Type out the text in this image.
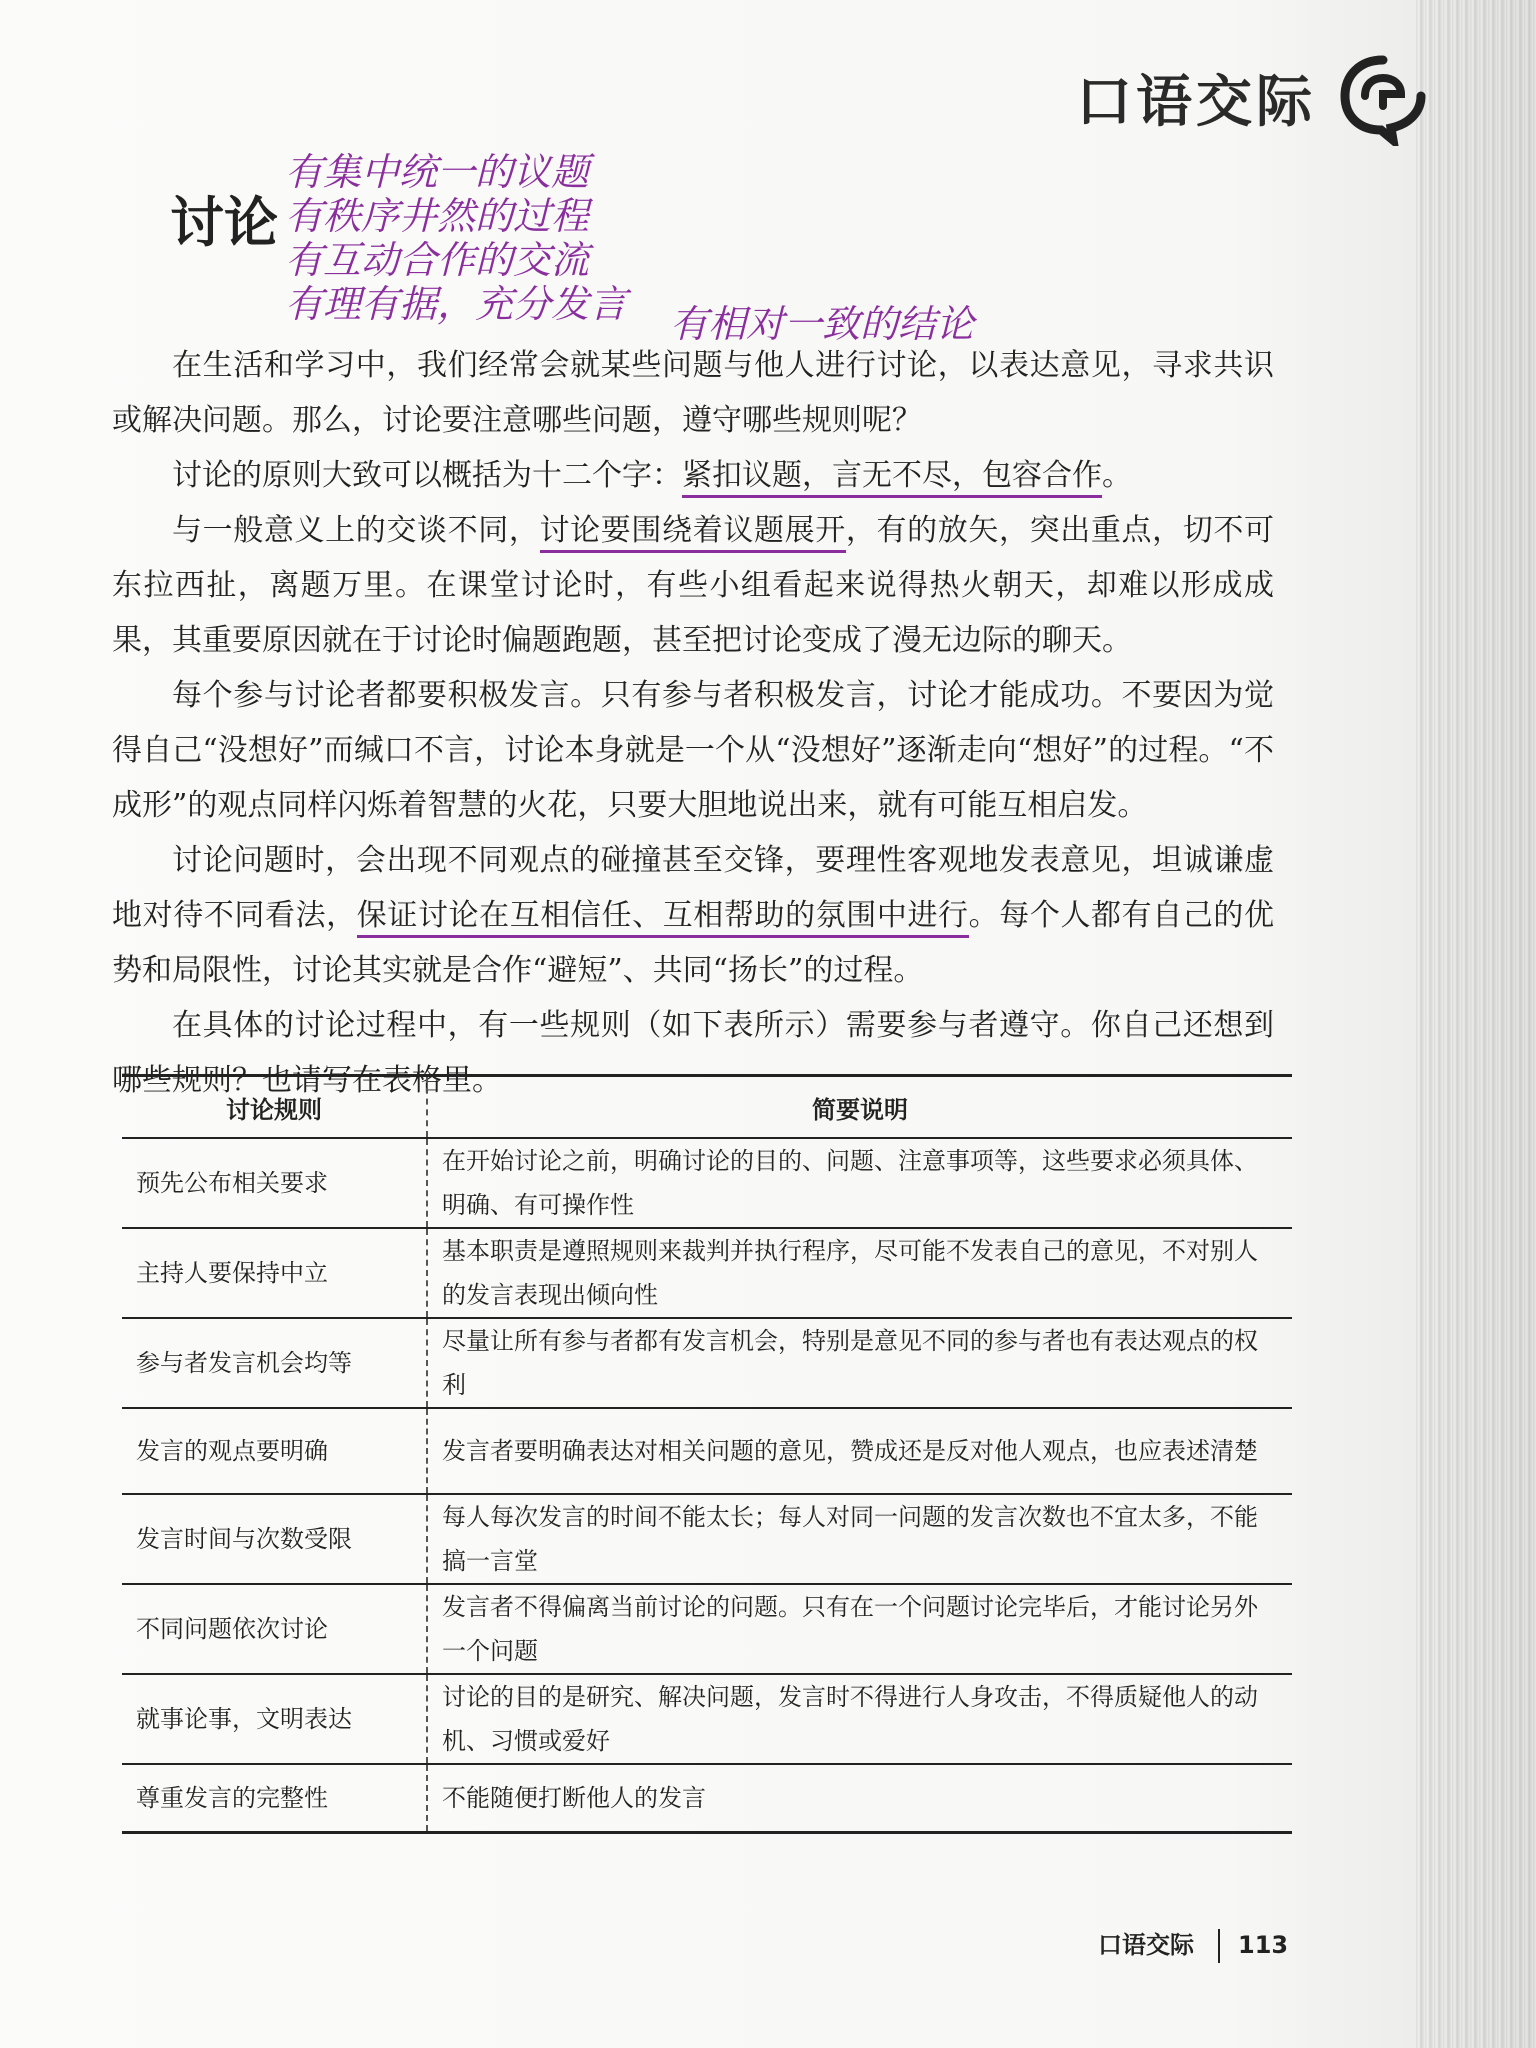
口语交际
讨论
有集中统一的议题
有秩序井然的过程
有互动合作的交流
有理有据，充分发言 有相对一致的结论

在生活和学习中，我们经常会就某些问题与他人进行讨论，以表达意见，寻求共识或解决问题。那么，讨论要注意哪些问题，遵守哪些规则呢？

讨论的原则大致可以概括为十二个字：紧扣议题，言无不尽，包容合作。

与一般意义上的交谈不同，讨论要围绕着议题展开，有的放矢，突出重点，切不可东拉西扯，离题万里。在课堂讨论时，有些小组看起来说得热火朝天，却难以形成成果，其重要原因就在于讨论时偏题跑题，甚至把讨论变成了漫无边际的聊天。

每个参与讨论者都要积极发言。只有参与者积极发言，讨论才能成功。不要因为觉得自己“没想好”而缄口不言，讨论本身就是一个从“没想好”逐渐走向“想好”的过程。“不成形”的观点同样闪烁着智慧的火花，只要大胆地说出来，就有可能互相启发。

讨论问题时，会出现不同观点的碰撞甚至交锋，要理性客观地发表意见，坦诚谦虚地对待不同看法，保证讨论在互相信任、互相帮助的氛围中进行。每个人都有自己的优势和局限性，讨论其实就是合作“避短”、共同“扬长”的过程。

在具体的讨论过程中，有一些规则（如下表所示）需要参与者遵守。你自己还想到哪些规则？也请写在表格里。

讨论规则	简要说明
预先公布相关要求	在开始讨论之前，明确讨论的目的、问题、注意事项等，这些要求必须具体、明确、有可操作性
主持人要保持中立	基本职责是遵照规则来裁判并执行程序，尽可能不发表自己的意见，不对别人的发言表现出倾向性
参与者发言机会均等	尽量让所有参与者都有发言机会，特别是意见不同的参与者也有表达观点的权利
发言的观点要明确	发言者要明确表达对相关问题的意见，赞成还是反对他人观点，也应表述清楚
发言时间与次数受限	每人每次发言的时间不能太长；每人对同一问题的发言次数也不宜太多，不能搞一言堂
不同问题依次讨论	发言者不得偏离当前讨论的问题。只有在一个问题讨论完毕后，才能讨论另外一个问题
就事论事，文明表达	讨论的目的是研究、解决问题，发言时不得进行人身攻击，不得质疑他人的动机、习惯或爱好
尊重发言的完整性	不能随便打断他人的发言
口语交际 113
